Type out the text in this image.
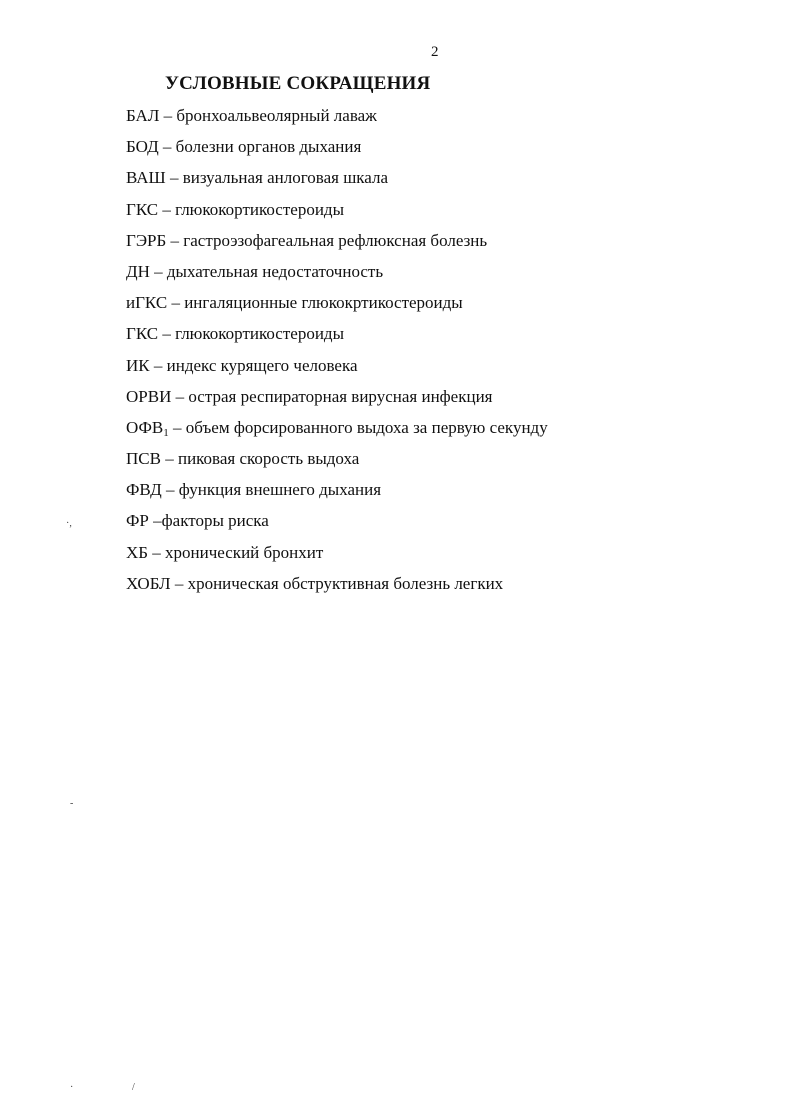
2
УСЛОВНЫЕ СОКРАЩЕНИЯ
БАЛ – бронхоальвеолярный лаваж
БОД – болезни органов дыхания
ВАШ – визуальная анлоговая шкала
ГКС – глюкокортикостероиды
ГЭРБ – гастроэзофагеальная рефлюксная болезнь
ДН – дыхательная недостаточность
иГКС – ингаляционные глюкокртикостероиды
ГКС – глюкокортикостероиды
ИК – индекс курящего человека
ОРВИ – острая респираторная вирусная инфекция
$ОФВ_1$ – объем форсированного выдоха за первую секунду
ПСВ – пиковая скорость выдоха
ФВД – функция внешнего дыхания
ФР –факторы риска
ХБ – хронический бронхит
ХОБЛ – хроническая обструктивная болезнь легких
·,
-
·	/
